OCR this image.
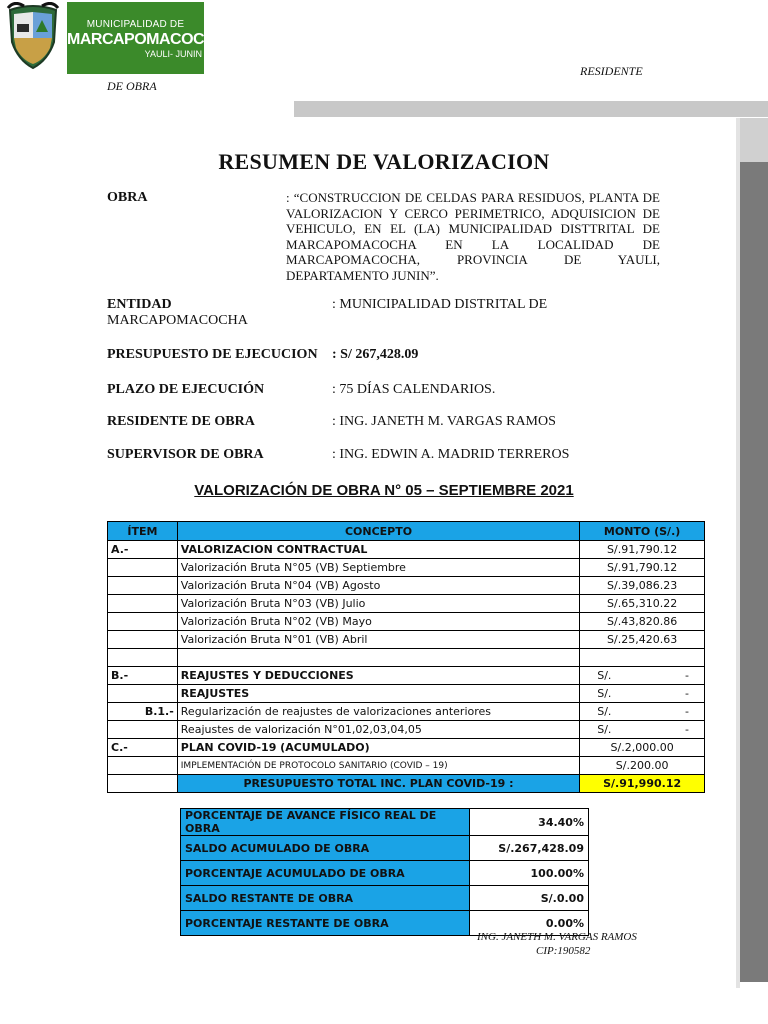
MUNICIPALIDAD DE
MARCAPOMACOCHA
YAULI- JUNIN
RESIDENTE
DE OBRA
RESUMEN DE VALORIZACION
OBRA	: “CONSTRUCCION DE CELDAS PARA RESIDUOS, PLANTA DE VALORIZACION Y CERCO PERIMETRICO, ADQUISICION DE VEHICULO, EN EL (LA) MUNICIPALIDAD DISTTRITAL DE MARCAPOMACOCHA EN LA LOCALIDAD DE MARCAPOMACOCHA, PROVINCIA DE YAULI, DEPARTAMENTO JUNIN”.
ENTIDAD	: MUNICIPALIDAD DISTRITAL DE
MARCAPOMACOCHA
PRESUPUESTO DE EJECUCION : S/ 267,428.09
PLAZO DE EJECUCIÓN	: 75 DÍAS CALENDARIOS.
RESIDENTE DE OBRA	: ING. JANETH M. VARGAS RAMOS
SUPERVISOR DE OBRA	: ING. EDWIN A. MADRID TERREROS
VALORIZACIÓN DE OBRA N° 05 – SEPTIEMBRE 2021
ÍTEM	CONCEPTO	MONTO (S/.)
A.-	VALORIZACION CONTRACTUAL	S/.91,790.12
	Valorización Bruta N°05 (VB) Septiembre	S/.91,790.12
	Valorización Bruta N°04 (VB) Agosto	S/.39,086.23
	Valorización Bruta N°03 (VB) Julio	S/.65,310.22
	Valorización Bruta N°02 (VB) Mayo	S/.43,820.86
	Valorización Bruta N°01 (VB) Abril	S/.25,420.63

B.-	REAJUSTES Y DEDUCCIONES	S/. -

	REAJUSTES	S/. -

B.1.-	Regularización de reajustes de valorizaciones anteriores	S/. -

	Reajustes de valorización N°01,02,03,04,05	S/. -

C.-	PLAN COVID-19 (ACUMULADO)	S/.2,000.00
	IMPLEMENTACIÓN DE PROTOCOLO SANITARIO (COVID – 19)	S/.200.00
	PRESUPUESTO TOTAL INC. PLAN COVID-19 :	S/.91,990.12
PORCENTAJE DE AVANCE FÍSICO REAL DE OBRA	34.40%
SALDO ACUMULADO DE OBRA	S/.267,428.09
PORCENTAJE ACUMULADO DE OBRA	100.00%
SALDO RESTANTE DE OBRA	S/.0.00
PORCENTAJE RESTANTE DE OBRA	0.00%
ING. JANETH M. VARGAS RAMOS
CIP:190582
